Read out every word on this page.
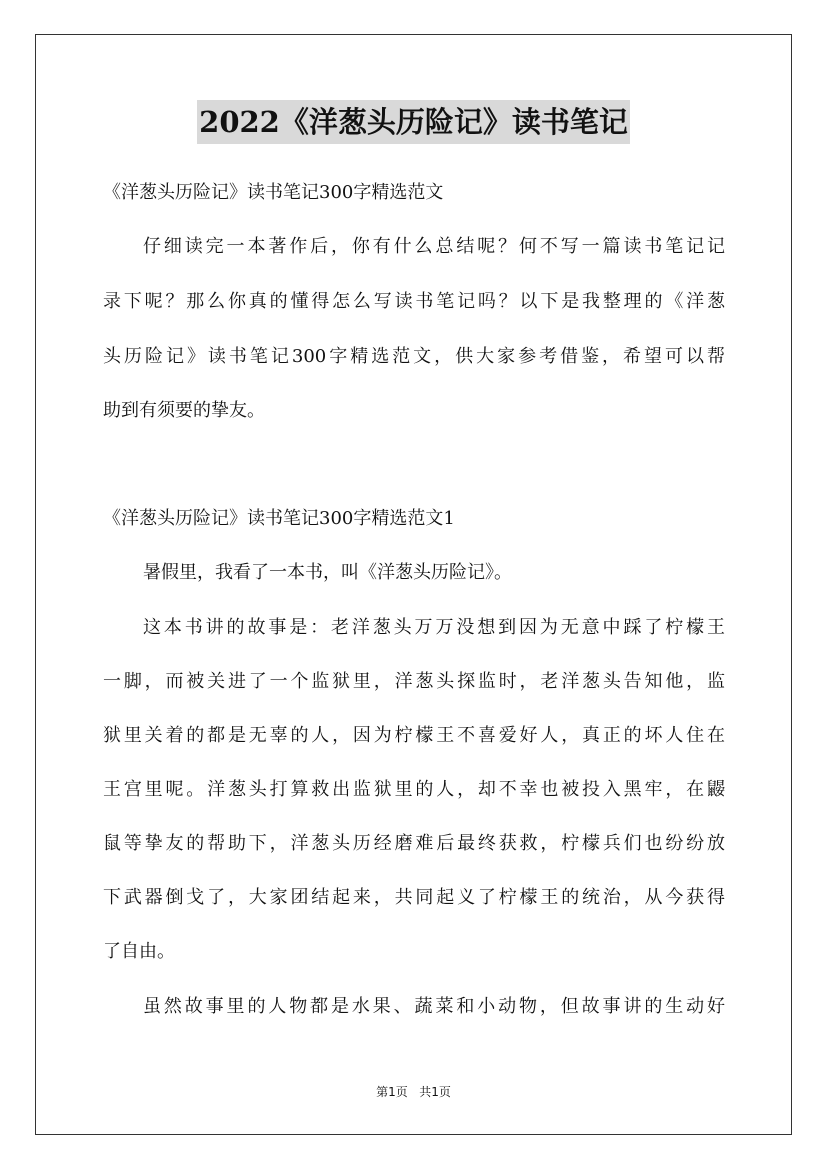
2022《洋葱头历险记》读书笔记
《洋葱头历险记》读书笔记300字精选范文
仔细读完一本著作后，你有什么总结呢？何不写一篇读书笔记记
录下呢？那么你真的懂得怎么写读书笔记吗？以下是我整理的《洋葱
头历险记》读书笔记300字精选范文，供大家参考借鉴，希望可以帮
助到有须要的挚友。
《洋葱头历险记》读书笔记300字精选范文1
暑假里，我看了一本书，叫《洋葱头历险记》。
这本书讲的故事是：老洋葱头万万没想到因为无意中踩了柠檬王
一脚，而被关进了一个监狱里，洋葱头探监时，老洋葱头告知他，监
狱里关着的都是无辜的人，因为柠檬王不喜爱好人，真正的坏人住在
王宫里呢。洋葱头打算救出监狱里的人，却不幸也被投入黑牢，在鼹
鼠等挚友的帮助下，洋葱头历经磨难后最终获救，柠檬兵们也纷纷放
下武器倒戈了，大家团结起来，共同起义了柠檬王的统治，从今获得
了自由。
虽然故事里的人物都是水果、蔬菜和小动物，但故事讲的生动好
第1页 共1页
